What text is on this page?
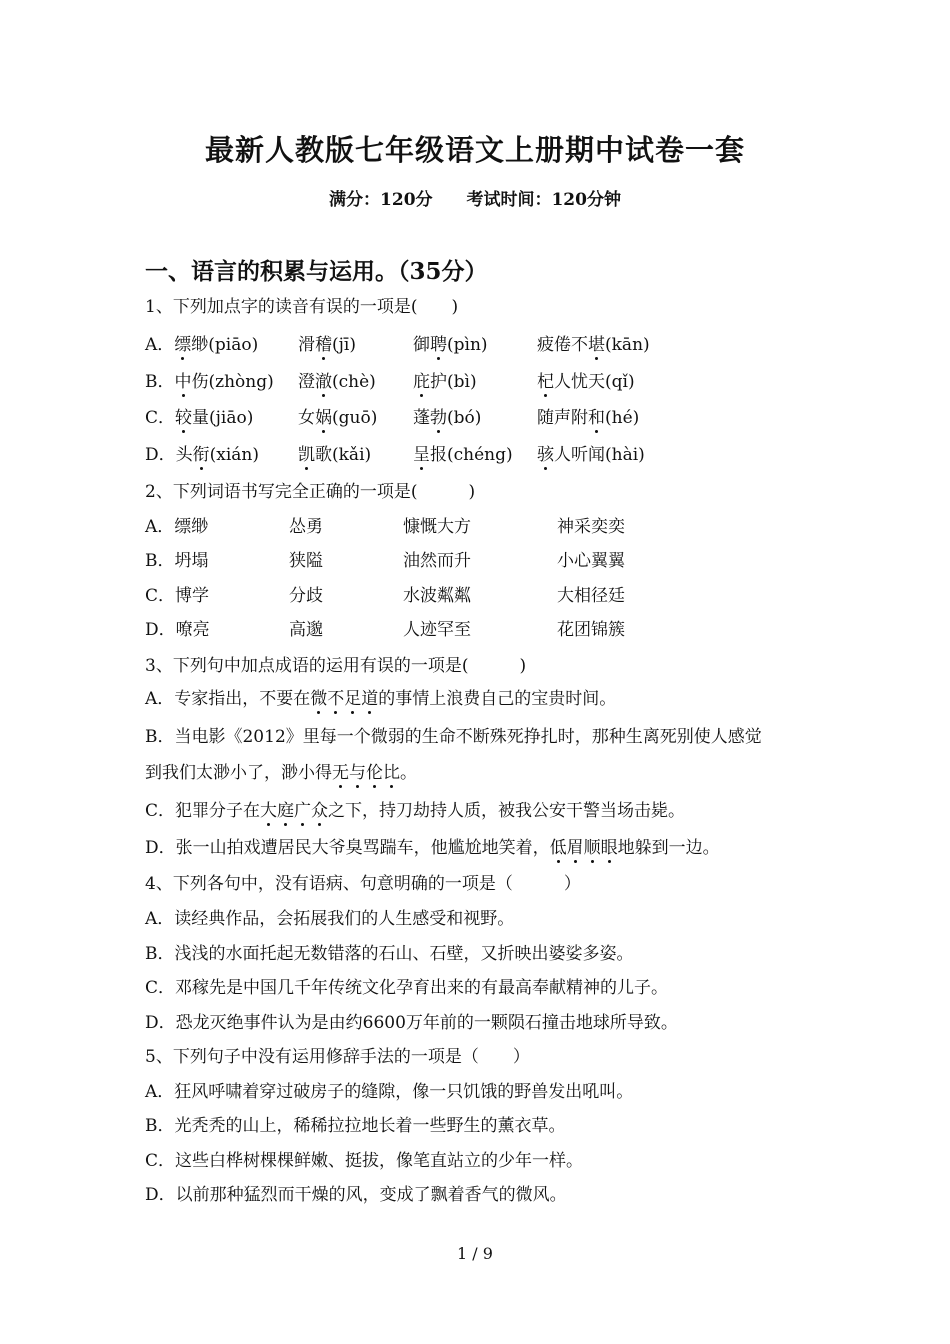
最新人教版七年级语文上册期中试卷一套
满分：120分 考试时间：120分钟
一、语言的积累与运用。（35分）
1、下列加点字的读音有误的一项是(　　)
A．缥缈(piāo) 滑稽(jī)	御聘(pìn)	疲倦不堪(kān)
B．中伤(zhòng) 澄澈(chè) 庇护(bì)	杞人忧天(qǐ)
C．较量(jiāo)	女娲(guō) 蓬勃(bó)	随声附和(hé)
D．头衔(xián) 凯歌(kǎi) 呈报(chéng) 骇人听闻(hài)
2、下列词语书写完全正确的一项是(　　　)
A．缥缈	怂勇	慷慨大方	神采奕奕
B．坍塌	狭隘	油然而升	小心翼翼
C．博学	分歧	水波粼粼	大相径廷
D．嘹亮	高邈	人迹罕至	花团锦簇
3、下列句中加点成语的运用有误的一项是(　　　)
A．专家指出，不要在微不足道的事情上浪费自己的宝贵时间。
B．当电影《2012》里每一个微弱的生命不断殊死挣扎时，那种生离死别使人感觉
到我们太渺小了，渺小得无与伦比。
C．犯罪分子在大庭广众之下，持刀劫持人质，被我公安干警当场击毙。
D．张一山拍戏遭居民大爷臭骂踹车，他尴尬地笑着，低眉顺眼地躲到一边。
4、下列各句中，没有语病、句意明确的一项是（　　　）
A．读经典作品，会拓展我们的人生感受和视野。
B．浅浅的水面托起无数错落的石山、石壁，又折映出婆娑多姿。
C．邓稼先是中国几千年传统文化孕育出来的有最高奉献精神的儿子。
D．恐龙灭绝事件认为是由约6600万年前的一颗陨石撞击地球所导致。
5、下列句子中没有运用修辞手法的一项是（　　）
A．狂风呼啸着穿过破房子的缝隙，像一只饥饿的野兽发出吼叫。
B．光秃秃的山上，稀稀拉拉地长着一些野生的薰衣草。
C．这些白桦树棵棵鲜嫩、挺拔，像笔直站立的少年一样。
D．以前那种猛烈而干燥的风，变成了飘着香气的微风。
1 / 9
